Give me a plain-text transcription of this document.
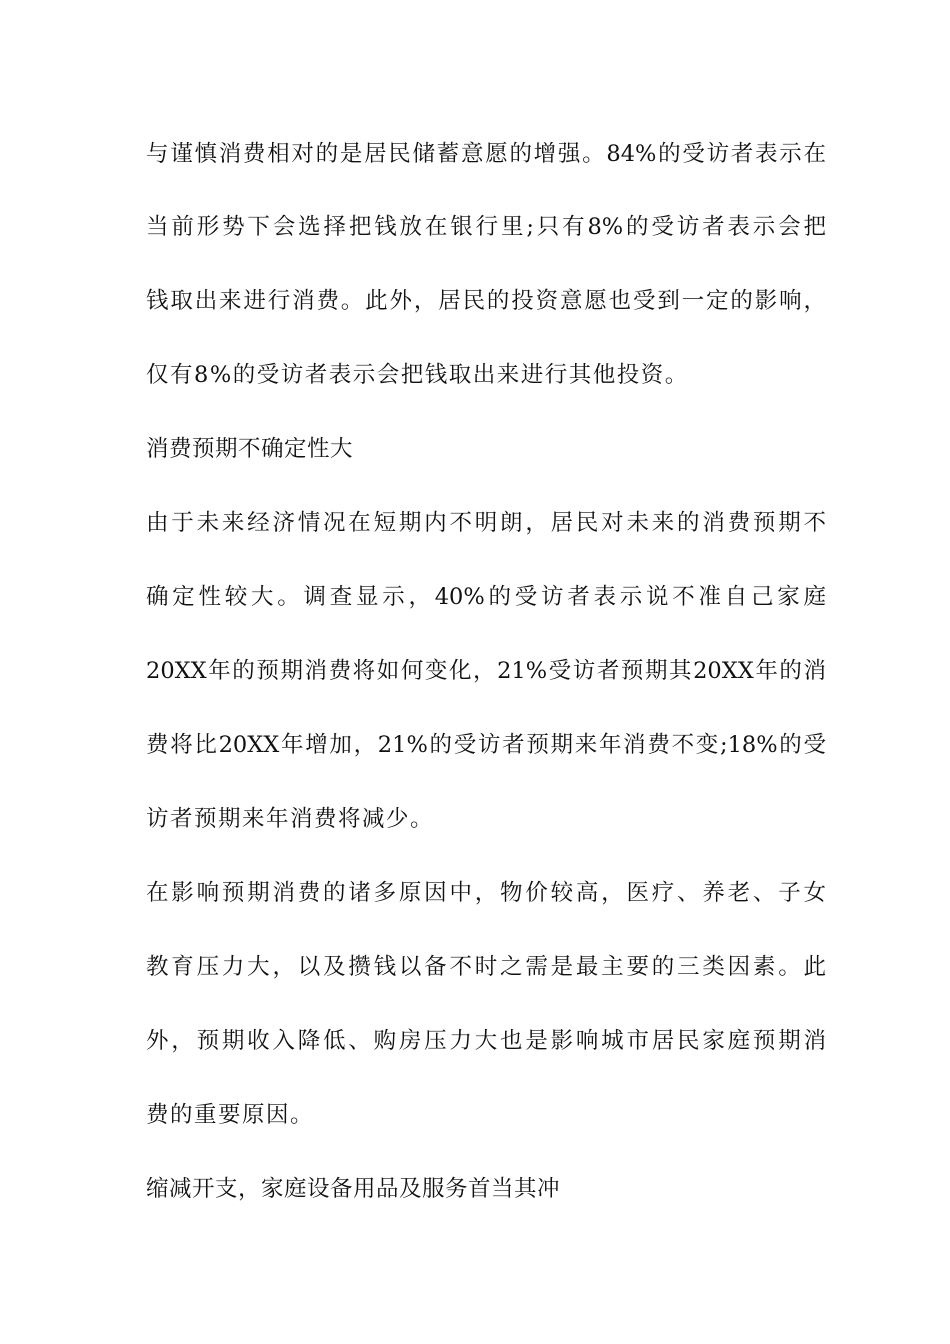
与谨慎消费相对的是居民储蓄意愿的增强。84%的受访者表示在
当前形势下会选择把钱放在银行里;只有8%的受访者表示会把
钱取出来进行消费。此外，居民的投资意愿也受到一定的影响，
仅有8%的受访者表示会把钱取出来进行其他投资。
消费预期不确定性大
由于未来经济情况在短期内不明朗，居民对未来的消费预期不
确定性较大。调查显示，40%的受访者表示说不准自己家庭
20XX年的预期消费将如何变化，21%受访者预期其20XX年的消
费将比20XX年增加，21%的受访者预期来年消费不变;18%的受
访者预期来年消费将减少。
在影响预期消费的诸多原因中，物价较高，医疗、养老、子女
教育压力大，以及攒钱以备不时之需是最主要的三类因素。此
外，预期收入降低、购房压力大也是影响城市居民家庭预期消
费的重要原因。
缩减开支，家庭设备用品及服务首当其冲
